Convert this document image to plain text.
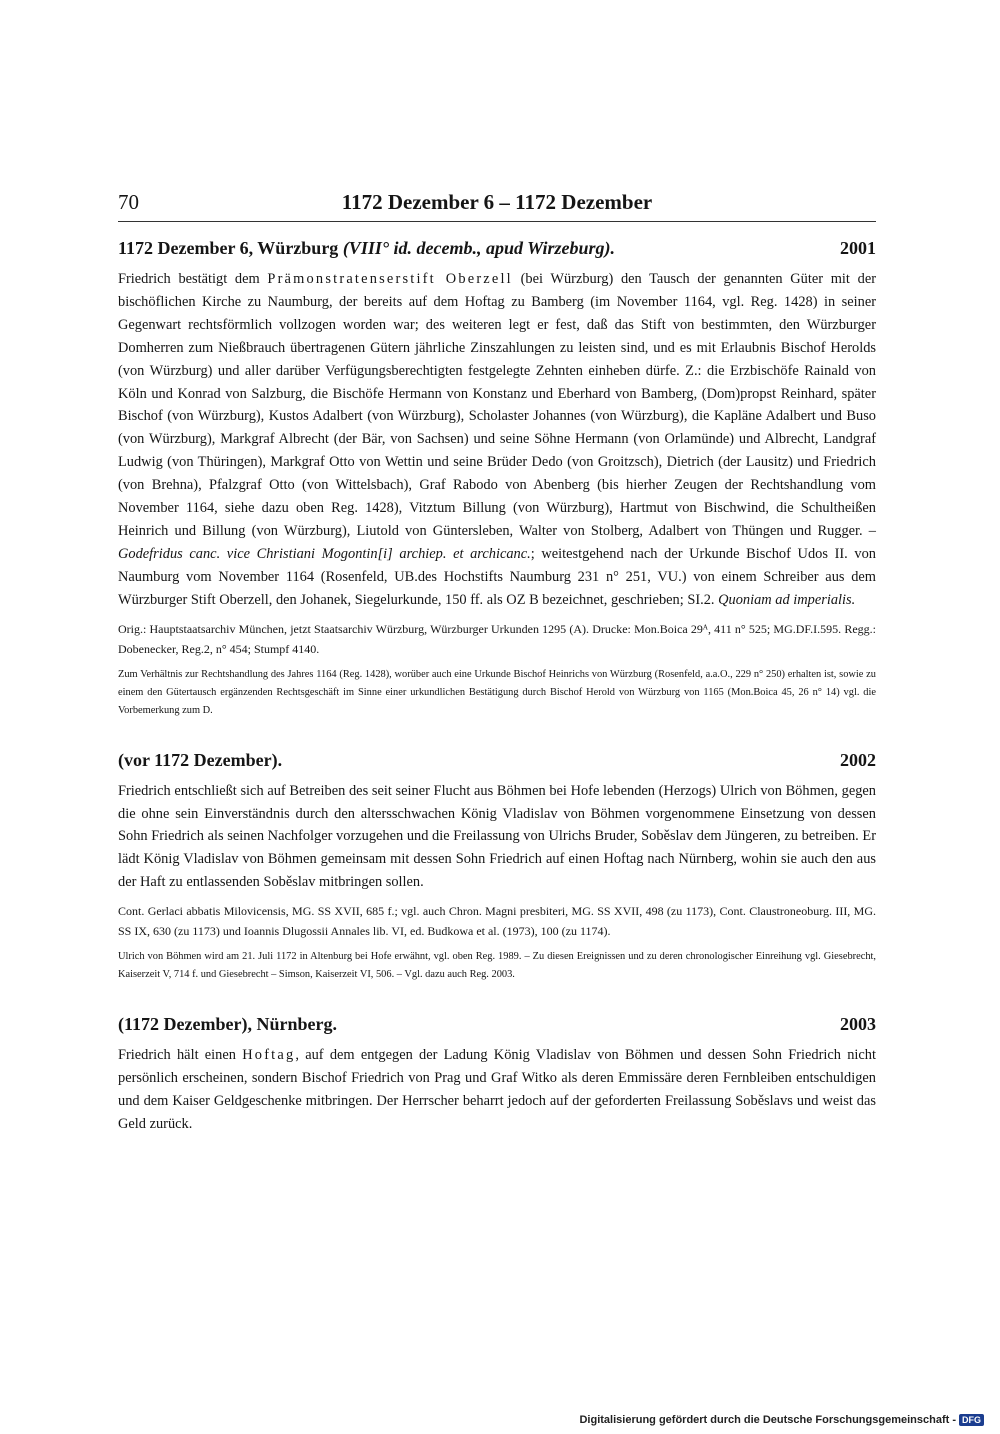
70	1172 Dezember 6 – 1172 Dezember
1172 Dezember 6, Würzburg (VIII° id. decemb., apud Wirzeburg).	2001
Friedrich bestätigt dem Prämonstratenserstift Oberzell (bei Würzburg) den Tausch der genannten Güter mit der bischöflichen Kirche zu Naumburg, der bereits auf dem Hoftag zu Bamberg (im November 1164, vgl. Reg. 1428) in seiner Gegenwart rechtsförmlich vollzogen worden war; des weiteren legt er fest, daß das Stift von bestimmten, den Würzburger Domherren zum Nießbrauch übertragenen Gütern jährliche Zinszahlungen zu leisten sind, und es mit Erlaubnis Bischof Herolds (von Würzburg) und aller darüber Verfügungsberechtigten festgelegte Zehnten einheben dürfe. Z.: die Erzbischöfe Rainald von Köln und Konrad von Salzburg, die Bischöfe Hermann von Konstanz und Eberhard von Bamberg, (Dom)propst Reinhard, später Bischof (von Würzburg), Kustos Adalbert (von Würzburg), Scholaster Johannes (von Würzburg), die Kapläne Adalbert und Buso (von Würzburg), Markgraf Albrecht (der Bär, von Sachsen) und seine Söhne Hermann (von Orlamünde) und Albrecht, Landgraf Ludwig (von Thüringen), Markgraf Otto von Wettin und seine Brüder Dedo (von Groitzsch), Dietrich (der Lausitz) und Friedrich (von Brehna), Pfalzgraf Otto (von Wittelsbach), Graf Rabodo von Abenberg (bis hierher Zeugen der Rechtshandlung vom November 1164, siehe dazu oben Reg. 1428), Vitztum Billung (von Würzburg), Hartmut von Bischwind, die Schultheißen Heinrich und Billung (von Würzburg), Liutold von Güntersleben, Walter von Stolberg, Adalbert von Thüngen und Rugger. – Godefridus canc. vice Christiani Mogontin[i] archiep. et archicanc.; weitestgehend nach der Urkunde Bischof Udos II. von Naumburg vom November 1164 (Rosenfeld, UB.des Hochstifts Naumburg 231 n° 251, VU.) von einem Schreiber aus dem Würzburger Stift Oberzell, den Johanek, Siegelurkunde, 150 ff. als OZ B bezeichnet, geschrieben; SI.2. Quoniam ad imperialis.
Orig.: Hauptstaatsarchiv München, jetzt Staatsarchiv Würzburg, Würzburger Urkunden 1295 (A). Drucke: Mon.Boica 29ᴬ, 411 n° 525; MG.DF.I.595. Regg.: Dobenecker, Reg.2, n° 454; Stumpf 4140.
Zum Verhältnis zur Rechtshandlung des Jahres 1164 (Reg. 1428), worüber auch eine Urkunde Bischof Heinrichs von Würzburg (Rosenfeld, a.a.O., 229 n° 250) erhalten ist, sowie zu einem den Gütertausch ergänzenden Rechtsgeschäft im Sinne einer urkundlichen Bestätigung durch Bischof Herold von Würzburg von 1165 (Mon.Boica 45, 26 n° 14) vgl. die Vorbemerkung zum D.
(vor 1172 Dezember).	2002
Friedrich entschließt sich auf Betreiben des seit seiner Flucht aus Böhmen bei Hofe lebenden (Herzogs) Ulrich von Böhmen, gegen die ohne sein Einverständnis durch den altersschwachen König Vladislav von Böhmen vorgenommene Einsetzung von dessen Sohn Friedrich als seinen Nachfolger vorzugehen und die Freilassung von Ulrichs Bruder, Soběslav dem Jüngeren, zu betreiben. Er lädt König Vladislav von Böhmen gemeinsam mit dessen Sohn Friedrich auf einen Hoftag nach Nürnberg, wohin sie auch den aus der Haft zu entlassenden Soběslav mitbringen sollen.
Cont. Gerlaci abbatis Milovicensis, MG. SS XVII, 685 f.; vgl. auch Chron. Magni presbiteri, MG. SS XVII, 498 (zu 1173), Cont. Claustroneoburg. III, MG. SS IX, 630 (zu 1173) und Ioannis Dlugossii Annales lib. VI, ed. Budkowa et al. (1973), 100 (zu 1174).
Ulrich von Böhmen wird am 21. Juli 1172 in Altenburg bei Hofe erwähnt, vgl. oben Reg. 1989. – Zu diesen Ereignissen und zu deren chronologischer Einreihung vgl. Giesebrecht, Kaiserzeit V, 714 f. und Giesebrecht – Simson, Kaiserzeit VI, 506. – Vgl. dazu auch Reg. 2003.
(1172 Dezember), Nürnberg.	2003
Friedrich hält einen Hoftag, auf dem entgegen der Ladung König Vladislav von Böhmen und dessen Sohn Friedrich nicht persönlich erscheinen, sondern Bischof Friedrich von Prag und Graf Witko als deren Emmissäre deren Fernbleiben entschuldigen und dem Kaiser Geldgeschenke mitbringen. Der Herrscher beharrt jedoch auf der geforderten Freilassung Soběslavs und weist das Geld zurück.
Digitalisierung gefördert durch die Deutsche Forschungsgemeinschaft - DFG
